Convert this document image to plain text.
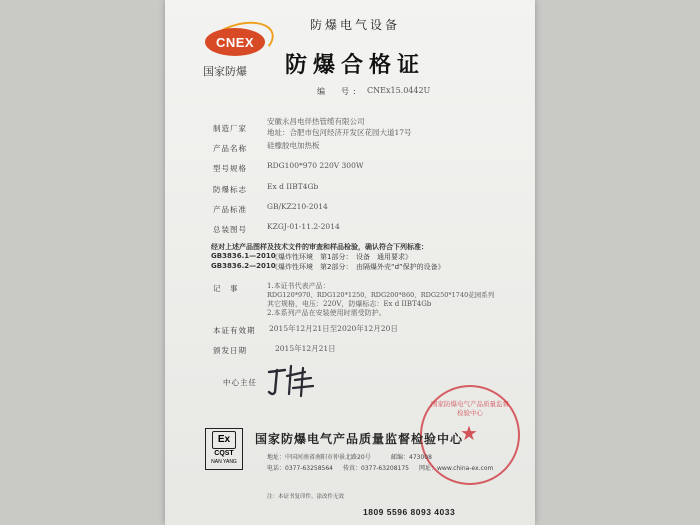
CNEX
国家防爆
防爆电气设备
防爆合格证
编　号: CNEx15.0442U
制造厂家
安徽永昌电伴热管缆有限公司
地址：合肥市包河经济开发区花园大道17号
产品名称	硅橡胶电加热板
型号规格	RDG100*970 220V 300W
防爆标志	Ex d IIBT4Gb
产品标准	GB/KZ210-2014
总装图号	KZGJ-01-11.2-2014
经对上述产品图样及技术文件的审查和样品检验，确认符合下列标准：
GB3836.1—2010
《爆炸性环境　第1部分：　设备　通用要求》
GB3836.2—2010
《爆炸性环境　第2部分：　由隔爆外壳“d”保护的设备》
记　事	1.本证书代表产品：
RDG120*970、RDG120*1250、RDG200*860、RDG250*1740花园系列
其它规格，电压：220V，防爆标志：Ex d IIBT4Gb
2.本系列产品在安装使用时需受防护。
本证有效期 2015年12月21日至2020年12月20日
颁发日期	2015年12月21日
中心主任
国家防爆电气产品质量监督检验中心
★
Ex
CQST
NAN YANG
国家防爆电气产品质量监督检验中心
地址：中国河南省南阳市仲景北路20号	邮编：473008
电话：0377-63258564 传真：0377-63208175 网址：www.china-ex.com
注：本证书复印件、涂改件无效
1809 5596 8093 4033
